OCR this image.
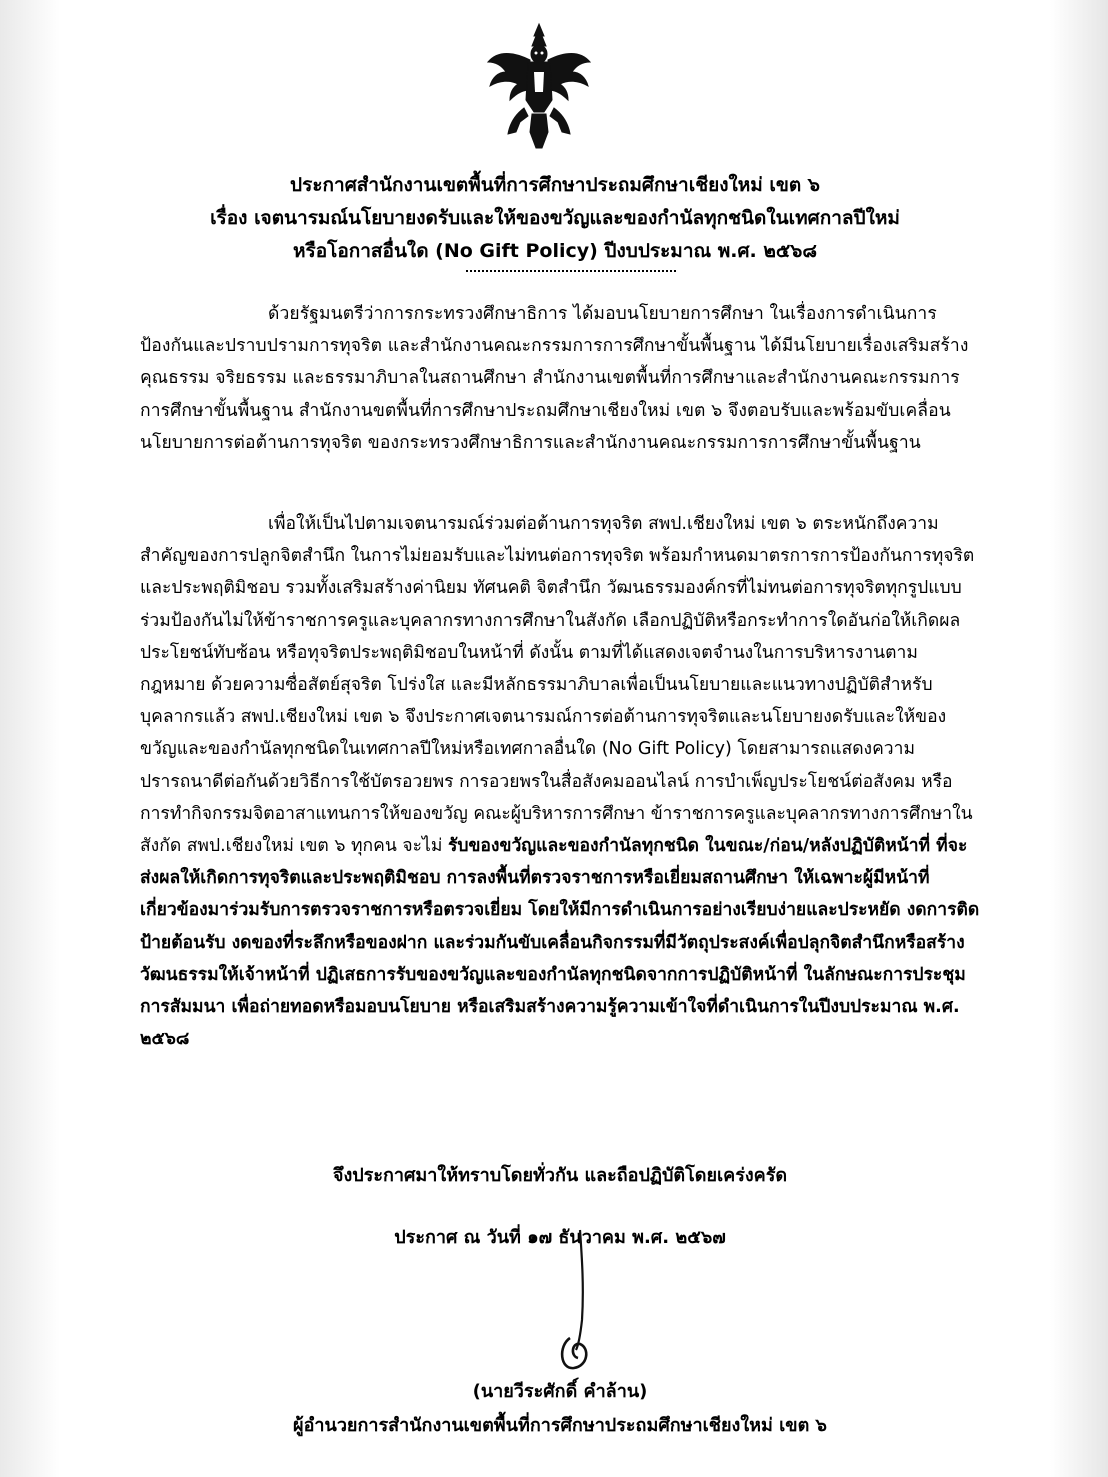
ประกาศสำนักงานเขตพื้นที่การศึกษาประถมศึกษาเชียงใหม่ เขต ๖
เรื่อง เจตนารมณ์นโยบายงดรับและให้ของขวัญและของกำนัลทุกชนิดในเทศกาลปีใหม่
หรือโอกาสอื่นใด (No Gift Policy) ปีงบประมาณ พ.ศ. ๒๕๖๘
ด้วยรัฐมนตรีว่าการกระทรวงศึกษาธิการ ได้มอบนโยบายการศึกษา ในเรื่องการดำเนินการป้องกันและปราบปรามการทุจริต และสำนักงานคณะกรรมการการศึกษาขั้นพื้นฐาน ได้มีนโยบายเรื่องเสริมสร้างคุณธรรม จริยธรรม และธรรมาภิบาลในสถานศึกษา สำนักงานเขตพื้นที่การศึกษาและสำนักงานคณะกรรมการการศึกษาขั้นพื้นฐาน สำนักงานขตพื้นที่การศึกษาประถมศึกษาเชียงใหม่ เขต ๖ จึงตอบรับและพร้อมขับเคลื่อนนโยบายการต่อต้านการทุจริต ของกระทรวงศึกษาธิการและสำนักงานคณะกรรมการการศึกษาขั้นพื้นฐาน
เพื่อให้เป็นไปตามเจตนารมณ์ร่วมต่อต้านการทุจริต สพป.เชียงใหม่ เขต ๖ ตระหนักถึงความสำคัญของการปลูกจิตสำนึก ในการไม่ยอมรับและไม่ทนต่อการทุจริต พร้อมกำหนดมาตรการการป้องกันการทุจริตและประพฤติมิชอบ รวมทั้งเสริมสร้างค่านิยม ทัศนคติ จิตสำนึก วัฒนธรรมองค์กรที่ไม่ทนต่อการทุจริตทุกรูปแบบ ร่วมป้องกันไม่ให้ข้าราชการครูและบุคลากรทางการศึกษาในสังกัด เลือกปฏิบัติหรือกระทำการใดอันก่อให้เกิดผลประโยชน์ทับซ้อน หรือทุจริตประพฤติมิชอบในหน้าที่ ดังนั้น ตามที่ได้แสดงเจตจำนงในการบริหารงานตามกฎหมาย ด้วยความซื่อสัตย์สุจริต โปร่งใส และมีหลักธรรมาภิบาลเพื่อเป็นนโยบายและแนวทางปฏิบัติสำหรับบุคลากรแล้ว สพป.เชียงใหม่ เขต ๖ จึงประกาศเจตนารมณ์การต่อต้านการทุจริตและนโยบายงดรับและให้ของขวัญและของกำนัลทุกชนิดในเทศกาลปีใหม่หรือเทศกาลอื่นใด (No Gift Policy) โดยสามารถแสดงความปรารถนาดีต่อกันด้วยวิธีการใช้บัตรอวยพร การอวยพรในสื่อสังคมออนไลน์ การบำเพ็ญประโยชน์ต่อสังคม หรือการทำกิจกรรมจิตอาสาแทนการให้ของขวัญ คณะผู้บริหารการศึกษา ข้าราชการครูและบุคลากรทางการศึกษาในสังกัด สพป.เชียงใหม่ เขต ๖ ทุกคน จะไม่ รับของขวัญและของกำนัลทุกชนิด ในขณะ/ก่อน/หลังปฏิบัติหน้าที่ ที่จะส่งผลให้เกิดการทุจริตและประพฤติมิชอบ การลงพื้นที่ตรวจราชการหรือเยี่ยมสถานศึกษา ให้เฉพาะผู้มีหน้าที่เกี่ยวข้องมาร่วมรับการตรวจราชการหรือตรวจเยี่ยม โดยให้มีการดำเนินการอย่างเรียบง่ายและประหยัด งดการติดป้ายต้อนรับ งดของที่ระลึกหรือของฝาก และร่วมกันขับเคลื่อนกิจกรรมที่มีวัตถุประสงค์เพื่อปลุกจิตสำนึกหรือสร้างวัฒนธรรมให้เจ้าหน้าที่ ปฏิเสธการรับของขวัญและของกำนัลทุกชนิดจากการปฏิบัติหน้าที่ ในลักษณะการประชุม การสัมมนา เพื่อถ่ายทอดหรือมอบนโยบาย หรือเสริมสร้างความรู้ความเข้าใจที่ดำเนินการในปีงบประมาณ พ.ศ. ๒๕๖๘
จึงประกาศมาให้ทราบโดยทั่วกัน และถือปฏิบัติโดยเคร่งครัด
ประกาศ ณ วันที่ ๑๗ ธันวาคม พ.ศ. ๒๕๖๗
(นายวีระศักดิ์ คำล้าน)
ผู้อำนวยการสำนักงานเขตพื้นที่การศึกษาประถมศึกษาเชียงใหม่ เขต ๖
